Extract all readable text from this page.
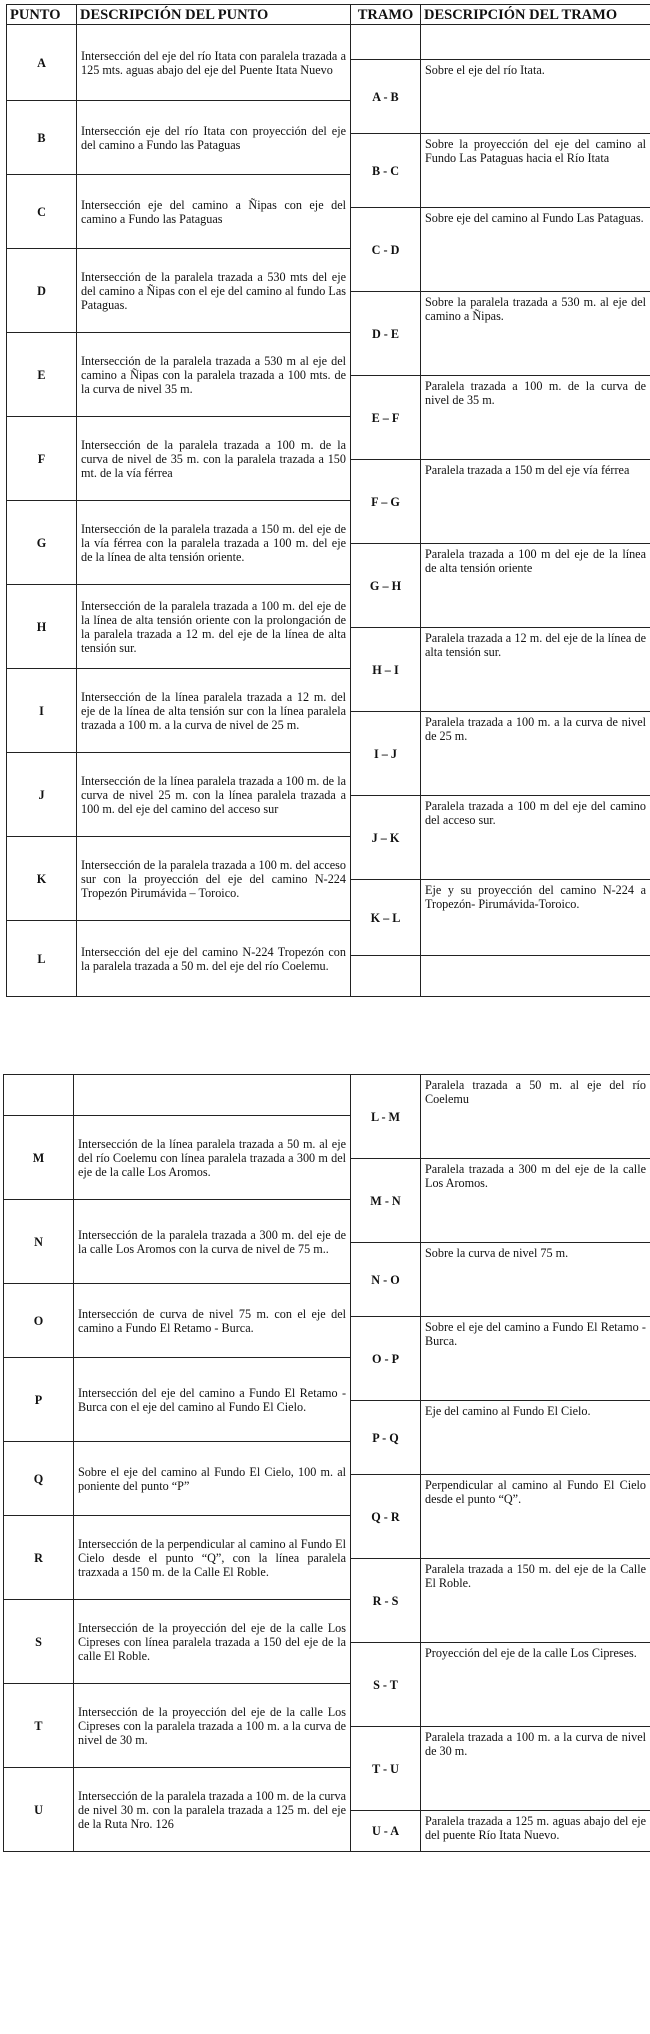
PUNTO	DESCRIPCIÓN DEL PUNTO	TRAMO	DESCRIPCIÓN DEL TRAMO
A	Intersección del eje del río Itata con paralela trazada a 125 mts. aguas abajo del eje del Puente Itata Nuevo		
		A - B	Sobre el eje del río Itata.
B	Intersección eje del río Itata con proyección del eje del camino a Fundo las Pataguas		
		B - C	Sobre la proyección del eje del camino al Fundo Las Pataguas hacia el Río Itata
C	Intersección eje del camino a Ñipas con eje del camino a Fundo las Pataguas		
		C - D	Sobre eje del camino al Fundo Las Pataguas.
D	Intersección de la paralela trazada a 530 mts del eje del camino a Ñipas con el eje del camino al fundo Las Pataguas.		
		D - E	Sobre la paralela trazada a 530 m. al eje del camino a Ñipas.
E	Intersección de la paralela trazada a 530 m al eje del camino a Ñipas con la paralela trazada a 100 mts. de la curva de nivel 35 m.		
		E – F	Paralela trazada a 100 m. de la curva de nivel de 35 m.
F	Intersección de la paralela trazada a 100 m. de la curva de nivel de 35 m. con la paralela trazada a 150 mt. de la vía férrea		
		F – G	Paralela trazada a 150 m del eje vía férrea
G	Intersección de la paralela trazada a 150 m. del eje de la vía férrea con la paralela trazada a 100 m. del eje de la línea de alta tensión oriente.		
		G – H	Paralela trazada a 100 m del eje de la línea de alta tensión oriente
H	Intersección de la paralela trazada a 100 m. del eje de la línea de alta tensión oriente con la prolongación de la paralela trazada a 12 m. del eje de la línea de alta tensión sur.		
		H – I	Paralela trazada a 12 m. del eje de la línea de alta tensión sur.
I	Intersección de la línea paralela trazada a 12 m. del eje de la línea de alta tensión sur con la línea paralela trazada a 100 m. a la curva de nivel de 25 m.		
		I – J	Paralela trazada a 100 m. a la curva de nivel de 25 m.
J	Intersección de la línea paralela trazada a 100 m. de la curva de nivel 25 m. con la línea paralela trazada a 100 m. del eje del camino del acceso sur		
		J – K	Paralela trazada a 100 m del eje del camino del acceso sur.
K	Intersección de la paralela trazada a 100 m. del acceso sur con la proyección del eje del camino N-224 Tropezón Pirumávida – Toroico.		
		K – L	Eje y su proyección del camino N-224 a Tropezón- Pirumávida-Toroico.
L	Intersección del eje del camino N-224 Tropezón con la paralela trazada a 50 m. del eje del río Coelemu.		

		L - M	Paralela trazada a 50 m. al eje del río Coelemu
M	Intersección de la línea paralela trazada a 50 m. al eje del río Coelemu con línea paralela trazada a 300 m del eje de la calle Los Aromos.		
		M - N	Paralela trazada a 300 m del eje de la calle Los Aromos.
N	Intersección de la paralela trazada a 300 m. del eje de la calle Los Aromos con la curva de nivel de 75 m..		
		N - O	Sobre la curva de nivel 75 m.
O	Intersección de curva de nivel 75 m. con el eje del camino a Fundo El Retamo - Burca.		
		O - P	Sobre el eje del camino a Fundo El Retamo - Burca.
P	Intersección del eje del camino a Fundo El Retamo - Burca con el eje del camino al Fundo El Cielo.		
		P - Q	Eje del camino al Fundo El Cielo.
Q	Sobre el eje del camino al Fundo El Cielo, 100 m. al poniente del punto “P”		
		Q - R	Perpendicular al camino al Fundo El Cielo desde el punto “Q”.
R	Intersección de la perpendicular al camino al Fundo El Cielo desde el punto “Q”, con la línea paralela trazxada a 150 m. de la Calle El Roble.		
		R - S	Paralela trazada a 150 m. del eje de la Calle El Roble.
S	Intersección de la proyección del eje de la calle Los Cipreses con línea paralela trazada a 150 del eje de la calle El Roble.		
		S - T	Proyección del eje de la calle Los Cipreses.
T	Intersección de la proyección del eje de la calle Los Cipreses con la paralela trazada a 100 m. a la curva de nivel de 30 m.		
		T - U	Paralela trazada a 100 m. a la curva de nivel de 30 m.
U	Intersección de la paralela trazada a 100 m. de la curva de nivel 30 m. con la paralela trazada a 125 m. del eje de la Ruta Nro. 126		
		U - A	Paralela trazada a 125 m. aguas abajo del eje del puente Río Itata Nuevo.
